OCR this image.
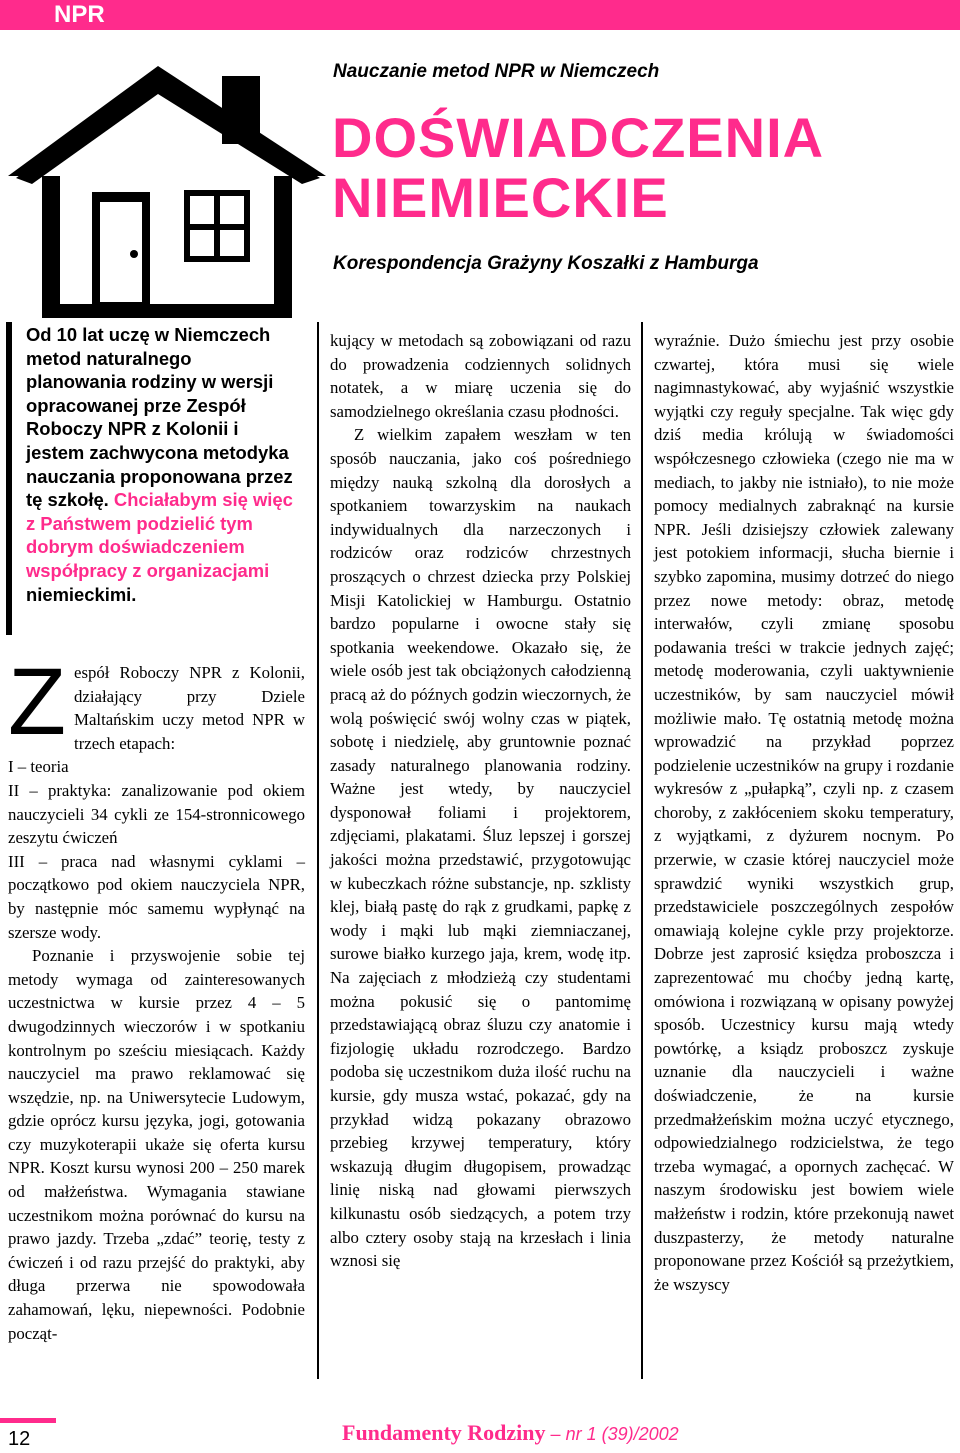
NPR
Nauczanie metod NPR w Niemczech
DOŚWIADCZENIA
NIEMIECKIE
Korespondencja Grażyny Koszałki z Hamburga
Od 10 lat uczę w Niemczech metod naturalnego planowania rodziny w wersji opracowanej prze Zespół Roboczy NPR z Kolonii i jestem zachwycona metodyka nauczania proponowana przez tę szkołę. Chciałabym się więc z Państwem podzielić tym dobrym doświadczeniem współpracy z organizacjami niemieckimi.

Zespół Roboczy NPR z Kolonii, działający przy Dziele Maltańskim uczy metod NPR w trzech etapach:

I – teoria

II – praktyka: zanalizowanie pod okiem nauczycieli 34 cykli ze 154-stronnicowego zeszytu ćwiczeń

III – praca nad własnymi cyklami – początkowo pod okiem nauczyciela NPR, by następnie móc samemu wypłynąć na szersze wody.

Poznanie i przyswojenie sobie tej metody wymaga od zainteresowanych uczestnictwa w kursie przez 4 – 5 dwugodzinnych wieczorów i w spotkaniu kontrolnym po sześciu miesiącach. Każdy nauczyciel ma prawo reklamować się wszędzie, np. na Uniwersytecie Ludowym, gdzie oprócz kursu języka, jogi, gotowania czy muzykoterapii ukaże się oferta kursu NPR. Koszt kursu wynosi 200 – 250 marek od małżeństwa. Wymagania stawiane uczestnikom można porównać do kursu na prawo jazdy. Trzeba „zdać” teorię, testy z ćwiczeń i od razu przejść do praktyki, aby długa przerwa nie spowodowała zahamowań, lęku, niepewności. Podobnie począt-

kujący w metodach są zobowiązani od razu do prowadzenia codziennych solidnych notatek, a w miarę uczenia się do samodzielnego określania czasu płodności.

Z wielkim zapałem weszłam w ten sposób nauczania, jako coś pośredniego między nauką szkolną dla dorosłych a spotkaniem towarzyskim na naukach indywidualnych dla narzeczonych i rodziców oraz rodziców chrzestnych proszących o chrzest dziecka przy Polskiej Misji Katolickiej w Hamburgu. Ostatnio bardzo popularne i owocne stały się spotkania weekendowe. Okazało się, że wiele osób jest tak obciążonych całodzienną pracą aż do późnych godzin wieczornych, że wolą poświęcić swój wolny czas w piątek, sobotę i niedzielę, aby gruntownie poznać zasady naturalnego planowania rodziny. Ważne jest wtedy, by nauczyciel dysponował foliami i projektorem, zdjęciami, plakatami. Śluz lepszej i gorszej jakości można przedstawić, przygotowując w kubeczkach różne substancje, np. szklisty klej, białą pastę do rąk z grudkami, papkę z wody i mąki lub mąki ziemniaczanej, surowe białko kurzego jaja, krem, wodę itp. Na zajęciach z młodzieżą czy studentami można pokusić się o pantomimę przedstawiającą obraz śluzu czy anatomie i fizjologię układu rozrodczego. Bardzo podoba się uczestnikom duża ilość ruchu na kursie, gdy musza wstać, pokazać, gdy na przykład widzą pokazany obrazowo przebieg krzywej temperatury, który wskazują długim długopisem, prowadząc linię niską nad głowami pierwszych kilkunastu osób siedzących, a potem trzy albo cztery osoby stają na krzesłach i linia wznosi się

wyraźnie. Dużo śmiechu jest przy osobie czwartej, która musi się wiele nagimnastykować, aby wyjaśnić wszystkie wyjątki czy reguły specjalne. Tak więc gdy dziś media królują w świadomości współczesnego człowieka (czego nie ma w mediach, to jakby nie istniało), to nie może pomocy medialnych zabraknąć na kursie NPR. Jeśli dzisiejszy człowiek zalewany jest potokiem informacji, słucha biernie i szybko zapomina, musimy dotrzeć do niego przez nowe metody: obraz, metodę interwałów, czyli zmianę sposobu podawania treści w trakcie jednych zajęć; metodę moderowania, czyli uaktywnienie uczestników, by sam nauczyciel mówił możliwie mało. Tę ostatnią metodę można wprowadzić na przykład poprzez podzielenie uczestników na grupy i rozdanie wykresów z „pułapką”, czyli np. z czasem choroby, z zakłóceniem skoku temperatury, z wyjątkami, z dyżurem nocnym. Po przerwie, w czasie której nauczyciel może sprawdzić wyniki wszystkich grup, przedstawiciele poszczególnych zespołów omawiają kolejne cykle przy projektorze. Dobrze jest zaprosić księdza proboszcza i zaprezentować mu choćby jedną kartę, omówiona i rozwiązaną w opisany powyżej sposób. Uczestnicy kursu mają wtedy powtórkę, a ksiądz proboszcz zyskuje uznanie dla nauczycieli i ważne doświadczenie, że na kursie przedmałżeńskim można uczyć etycznego, odpowiedzialnego rodzicielstwa, że tego trzeba wymagać, a opornych zachęcać. W naszym środowisku jest bowiem wiele małżeństw i rodzin, które przekonują nawet duszpasterzy, że metody naturalne proponowane przez Kościół są przeżytkiem, że wszyscy

12	Fundamenty Rodziny – nr 1 (39)/2002
